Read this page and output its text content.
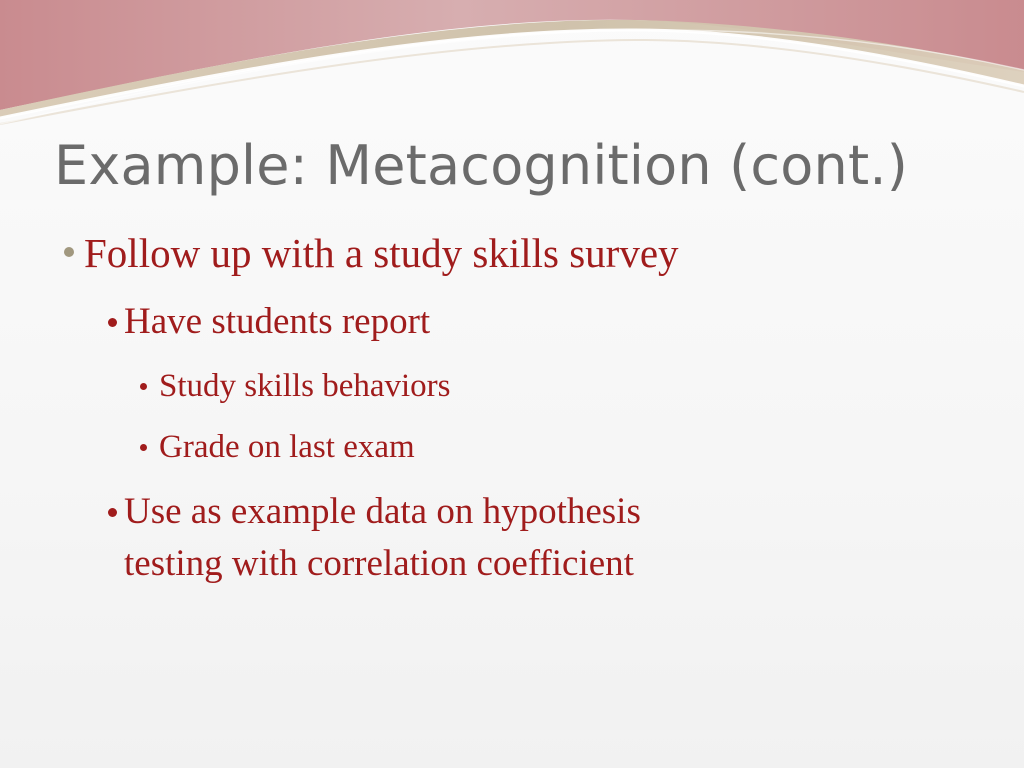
Example: Metacognition (cont.)
Follow up with a study skills survey
Have students report
Study skills behaviors
Grade on last exam
Use as example data on hypothesis
testing with correlation coefficient
